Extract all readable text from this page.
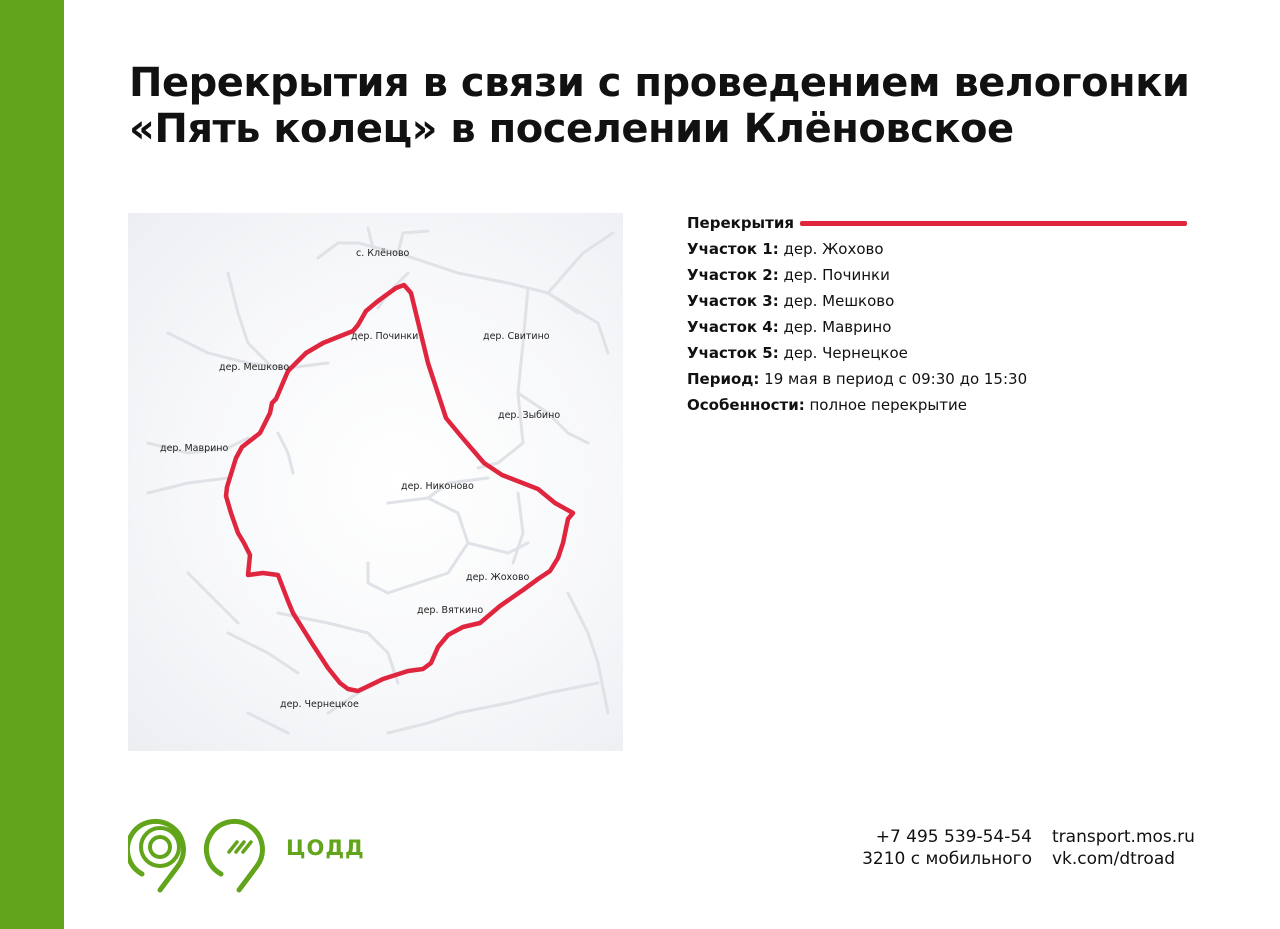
Перекрытия в связи с проведением велогонки
«Пять колец» в поселении Клёновское
с. Клёново
дер. Починки	дер. Свитино
дер. Мешково
дер. Зыбино
дер. Маврино
дер. Никоново
дер. Жохово
дер. Вяткино
дер. Чернецкое
Перекрытия
Участок 1: дер. Жохово
Участок 2: дер. Починки
Участок 3: дер. Мешково
Участок 4: дер. Маврино
Участок 5: дер. Чернецкое
Период: 19 мая в период с 09:30 до 15:30
Особенности: полное перекрытие
ЦОДД	+7 495 539-54-54
3210 с мобильного
transport.mos.ru
vk.com/dtroad
